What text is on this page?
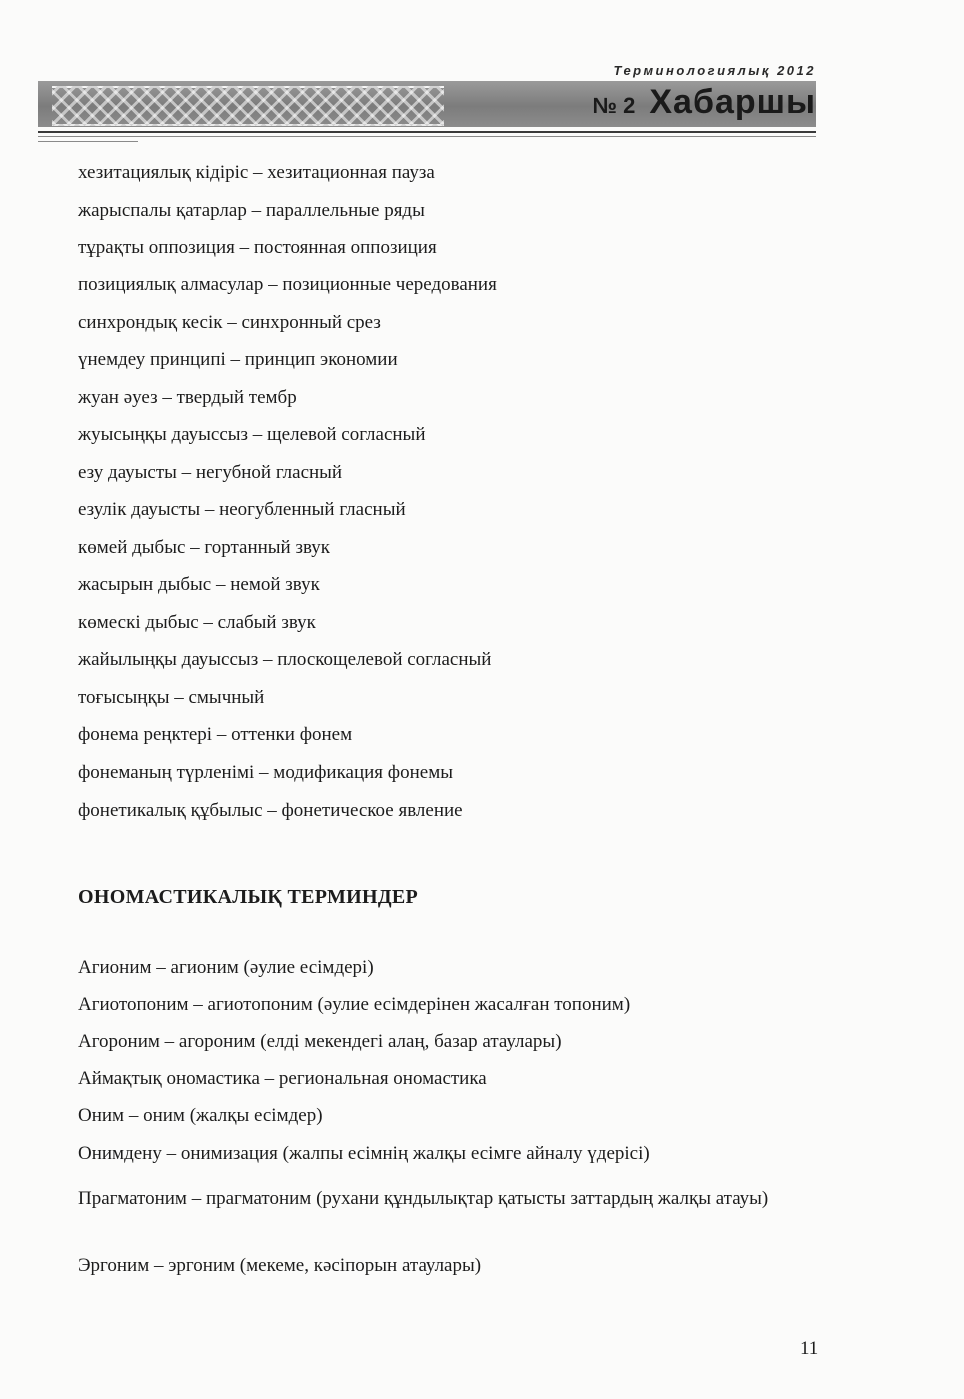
Терминологиялық 2012
№ 2 Хабаршы
хезитациялық кідіріс – хезитационная пауза
жарыспалы қатарлар – параллельные ряды
тұрақты оппозиция – постоянная оппозиция
позициялық алмасулар – позиционные чередования
синхрондық кесік – синхронный срез
үнемдеу принципі – принцип экономии
жуан әуез – твердый тембр
жуысыңқы дауыссыз – щелевой согласный
езу дауысты – негубной гласный
езулік дауысты – неогубленный гласный
көмей дыбыс – гортанный звук
жасырын дыбыс – немой звук
көмескі дыбыс – слабый звук
жайылыңқы дауыссыз – плоскощелевой согласный
тоғысыңқы – смычный
фонема реңктері – оттенки фонем
фонеманың түрленімі – модификация фонемы
фонетикалық құбылыс – фонетическое явление
ОНОМАСТИКАЛЫҚ ТЕРМИНДЕР
Агионим – агионим (әулие есімдері)
Агиотопоним – агиотопоним (әулие есімдерінен жасалған топоним)
Агороним – агороним (елді мекендегі алаң, базар атаулары)
Аймақтық ономастика – региональная ономастика
Оним – оним (жалқы есімдер)
Онимдену – онимизация (жалпы есімнің жалқы есімге айналу үдерісі)
Прагматоним – прагматоним (рухани құндылықтар қатысты заттардың жалқы атауы)
Эргоним – эргоним (мекеме, кәсіпорын атаулары)
11
